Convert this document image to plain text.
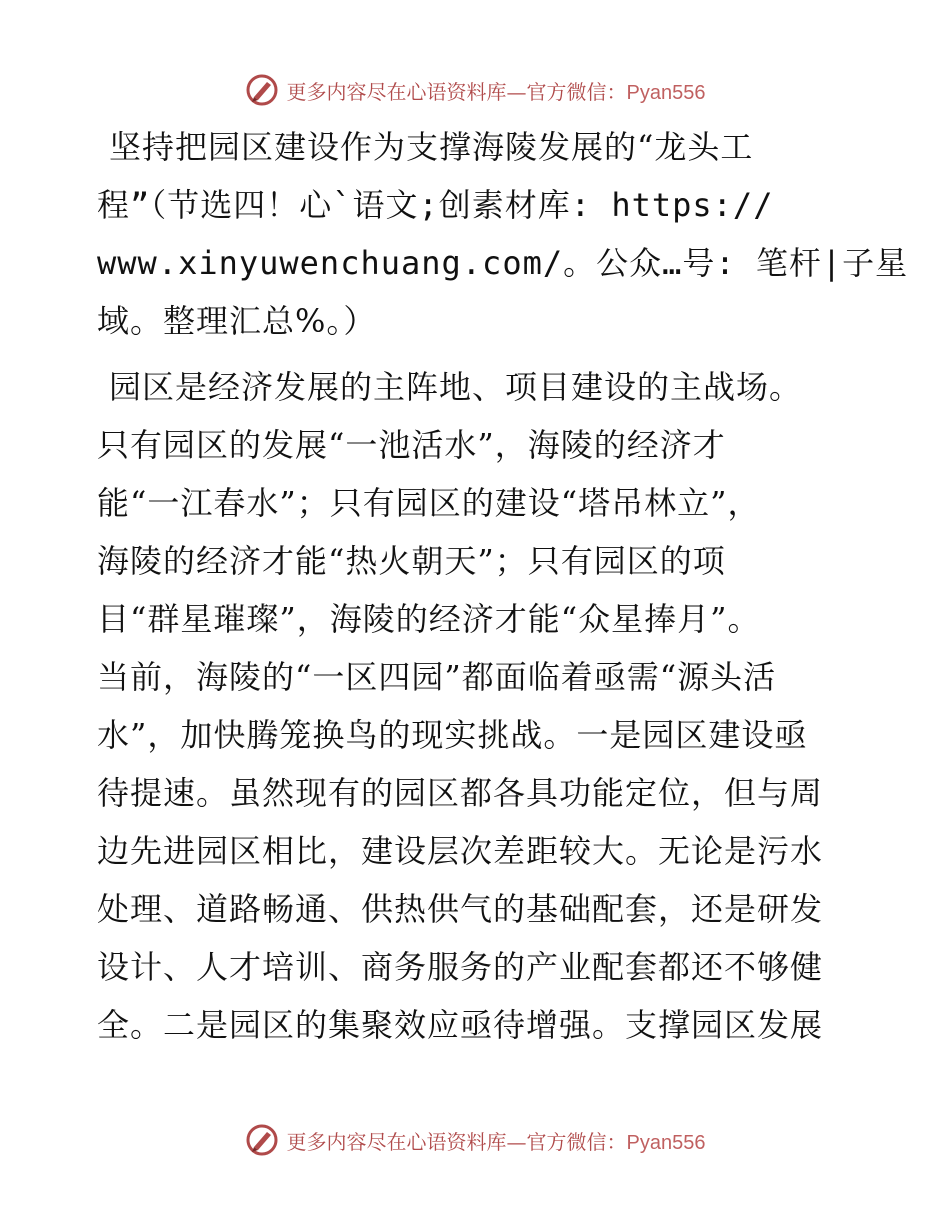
更多内容尽在心语资料库—官方微信：Pyan556
坚持把园区建设作为支撑海陵发展的“龙头工
程”（节选四！心`语文;创素材库: https://
www.xinyuwenchuang.com/。公众…号: 笔杆|子星
域。整理汇总%。）
园区是经济发展的主阵地、项目建设的主战场。
只有园区的发展“一池活水”，海陵的经济才
能“一江春水”；只有园区的建设“塔吊林立”，
海陵的经济才能“热火朝天”；只有园区的项
目“群星璀璨”，海陵的经济才能“众星捧月”。
当前，海陵的“一区四园”都面临着亟需“源头活
水”，加快腾笼换鸟的现实挑战。一是园区建设亟
待提速。虽然现有的园区都各具功能定位，但与周
边先进园区相比，建设层次差距较大。无论是污水
处理、道路畅通、供热供气的基础配套，还是研发
设计、人才培训、商务服务的产业配套都还不够健
全。二是园区的集聚效应亟待增强。支撑园区发展
更多内容尽在心语资料库—官方微信：Pyan556
